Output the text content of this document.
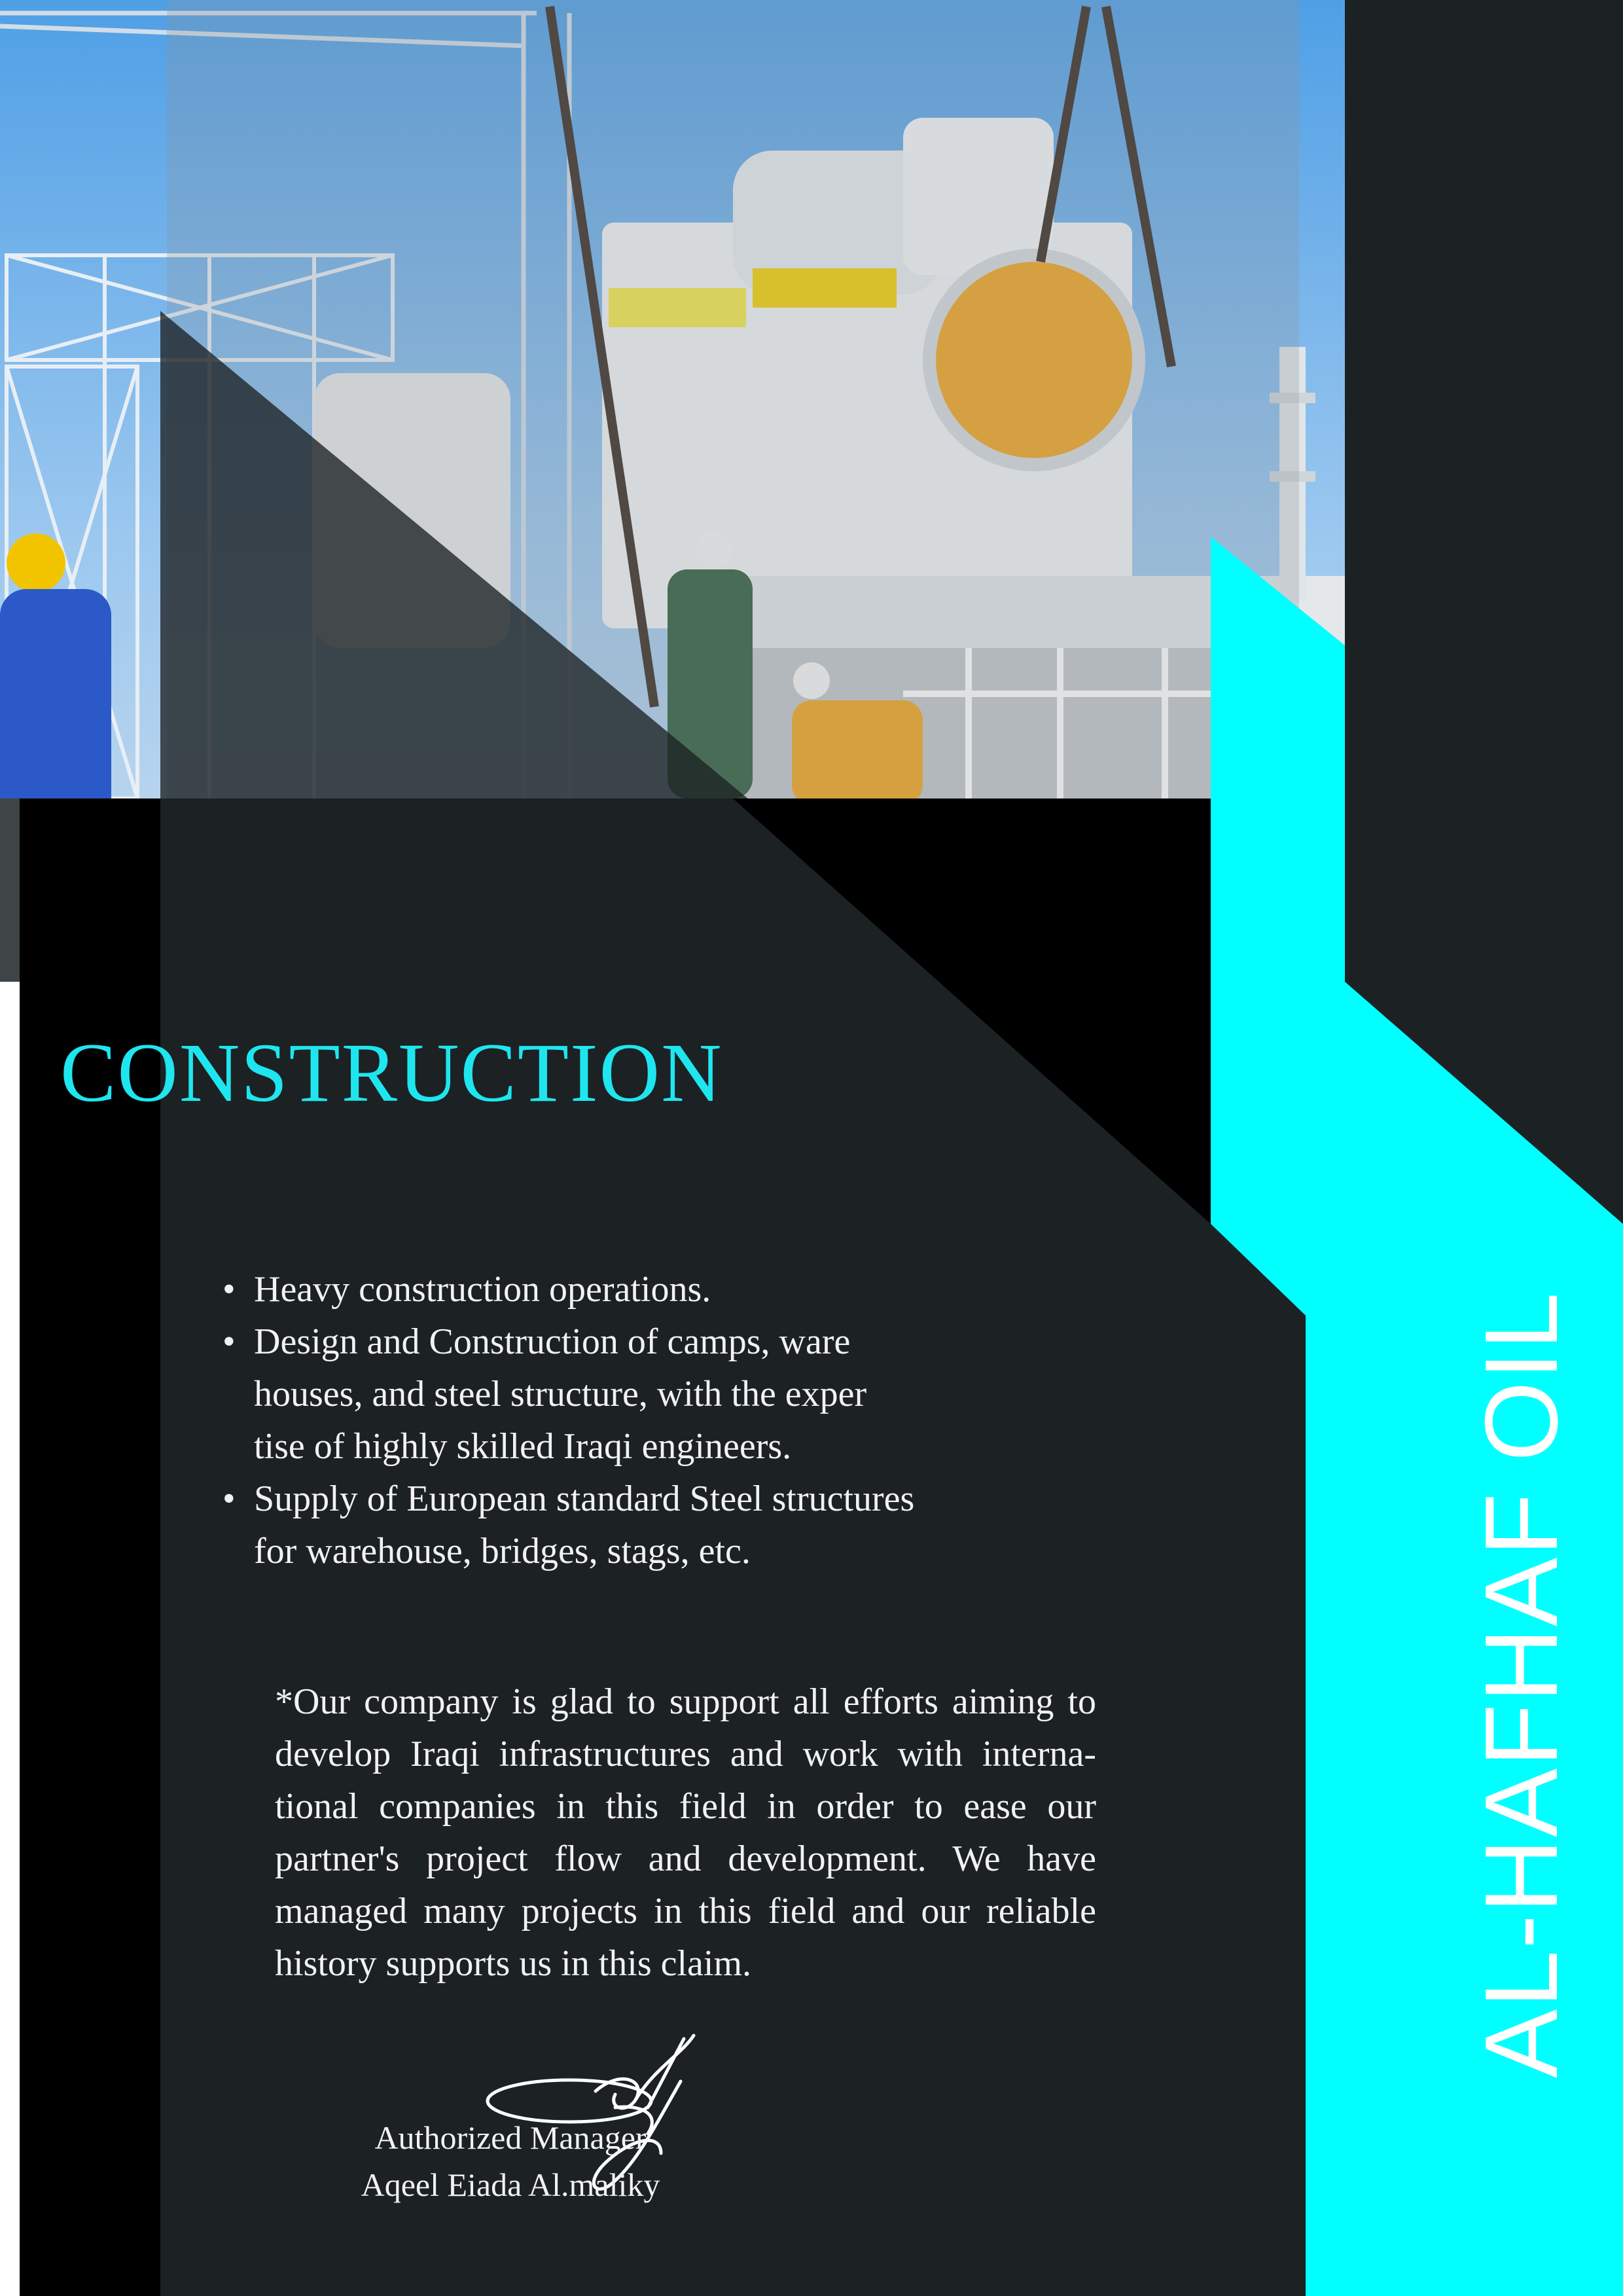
CONSTRUCTION
• Heavy construction operations.
• Design and Construction of camps, ware
houses, and steel structure, with the exper
tise of highly skilled Iraqi engineers.
• Supply of European standard Steel structures
for warehouse, bridges, stags, etc.

*Our company is glad to support all efforts aiming to develop Iraqi infrastructures and work with interna-tional companies in this field in order to ease our partner's project flow and development. We have managed many projects in this field and our reliable history supports us in this claim.

Authorized Manager
Aqeel Eiada Al.maliky
AL-HAFHAF OIL
